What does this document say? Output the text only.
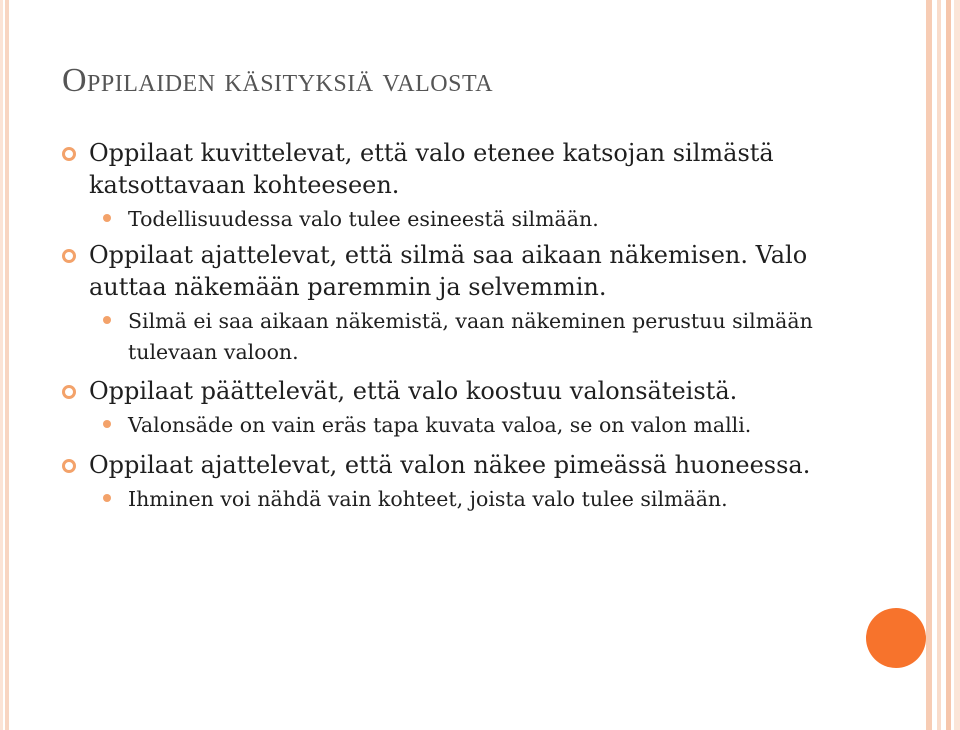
Oppilaiden käsityksiä valosta

Oppilaat kuvittelevat, että valo etenee katsojan silmästä katsottavaan kohteeseen.

Todellisuudessa valo tulee esineestä silmään.

Oppilaat ajattelevat, että silmä saa aikaan näkemisen. Valo auttaa näkemään paremmin ja selvemmin.

Silmä ei saa aikaan näkemistä, vaan näkeminen perustuu silmään tulevaan valoon.

Oppilaat päättelevät, että valo koostuu valonsäteistä.

Valonsäde on vain eräs tapa kuvata valoa, se on valon malli.

Oppilaat ajattelevat, että valon näkee pimeässä huoneessa.

Ihminen voi nähdä vain kohteet, joista valo tulee silmään.
